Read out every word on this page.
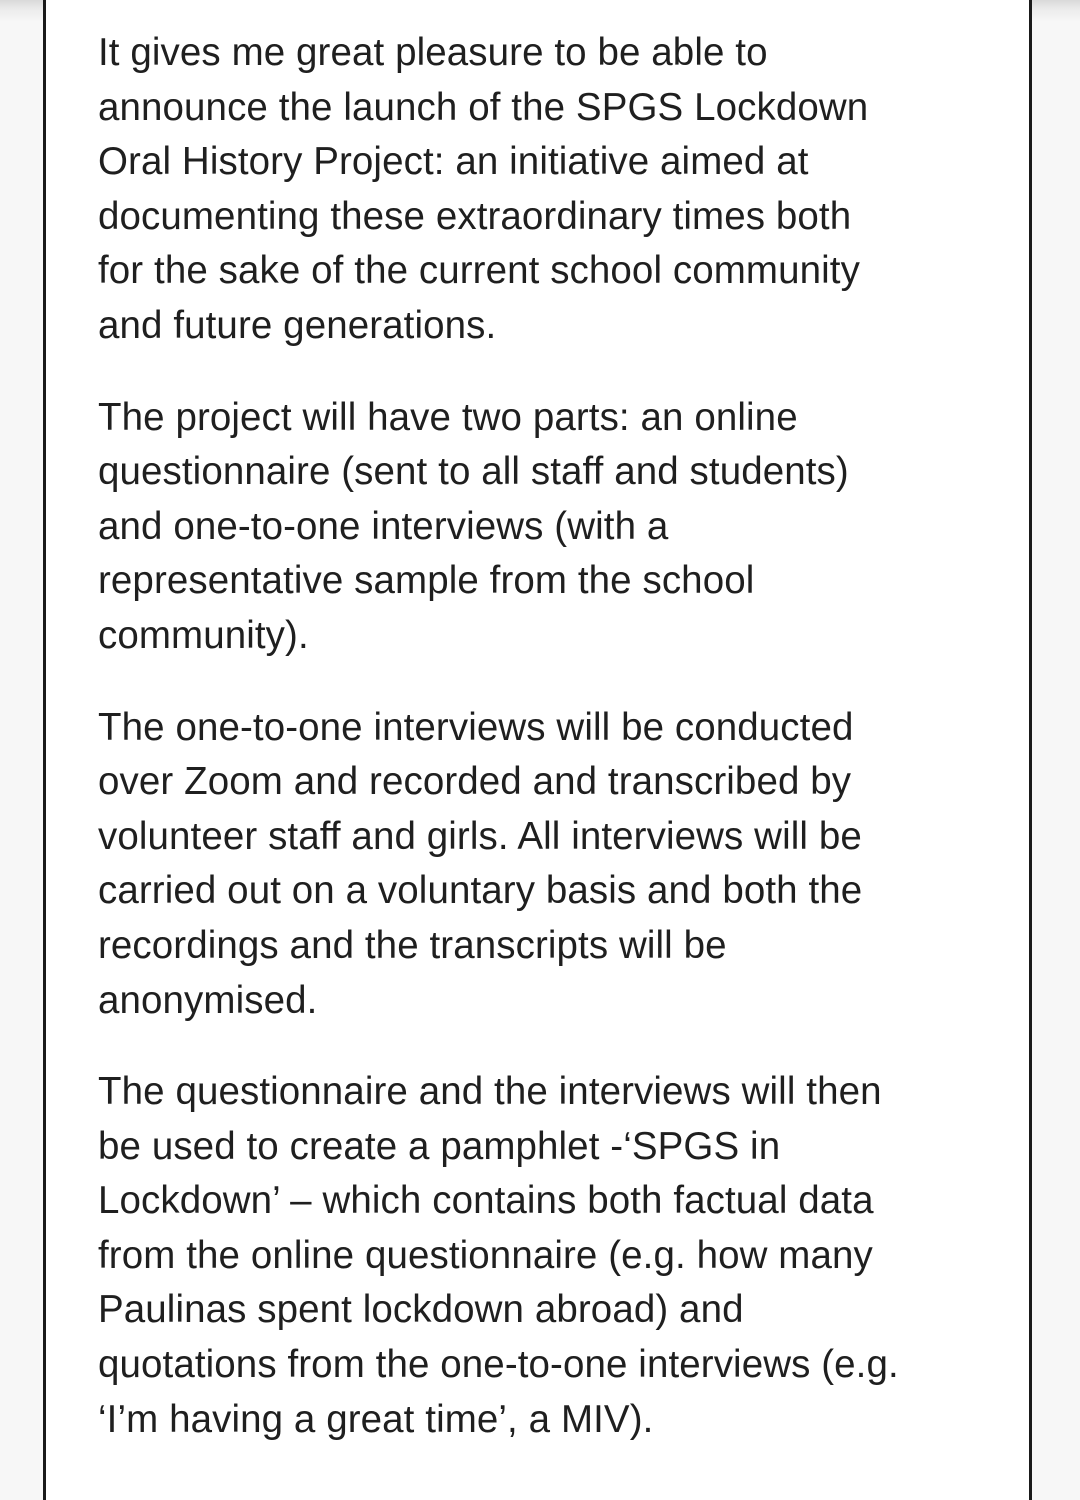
It gives me great pleasure to be able to
announce the launch of the SPGS Lockdown
Oral History Project: an initiative aimed at
documenting these extraordinary times both
for the sake of the current school community
and future generations.

The project will have two parts: an online
questionnaire (sent to all staff and students)
and one-to-one interviews (with a
representative sample from the school
community).

The one-to-one interviews will be conducted
over Zoom and recorded and transcribed by
volunteer staff and girls. All interviews will be
carried out on a voluntary basis and both the
recordings and the transcripts will be
anonymised.

The questionnaire and the interviews will then
be used to create a pamphlet -‘SPGS in
Lockdown’ – which contains both factual data
from the online questionnaire (e.g. how many
Paulinas spent lockdown abroad) and
quotations from the one-to-one interviews (e.g.
‘I’m having a great time’, a MIV).
